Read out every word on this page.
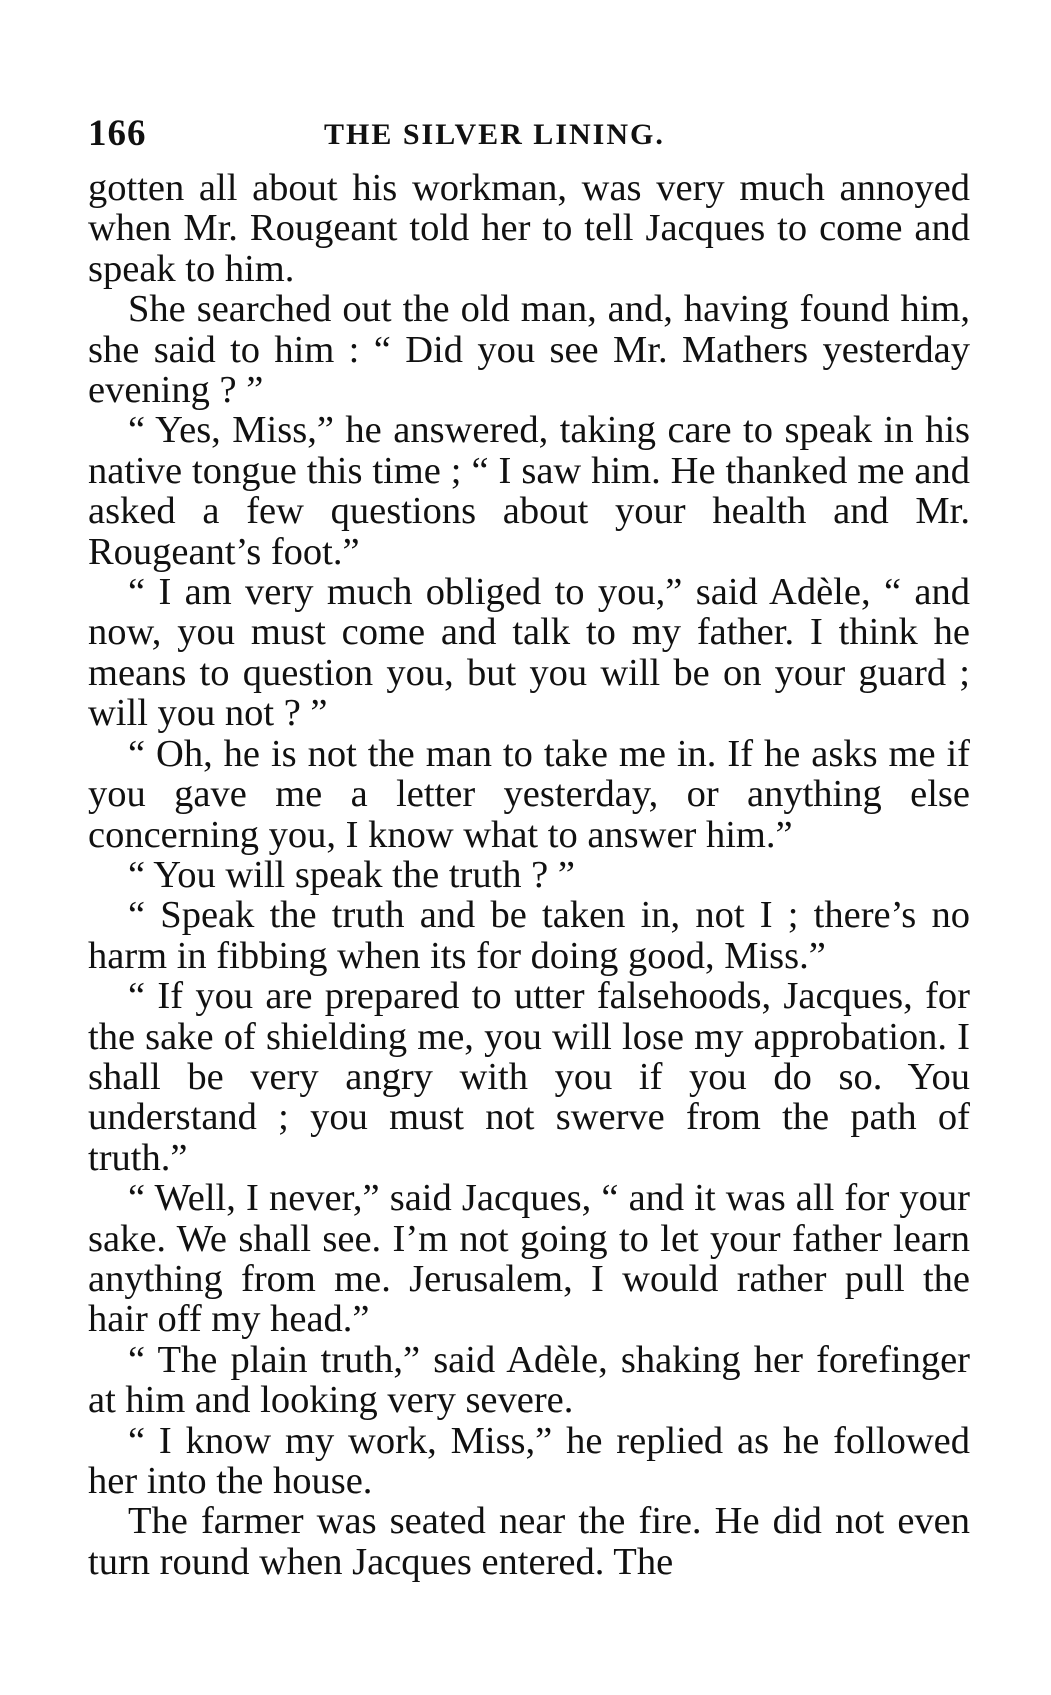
166	THE SILVER LINING.

gotten all about his workman, was very much annoyed when Mr. Rougeant told her to tell Jacques to come and speak to him.

She searched out the old man, and, having found him, she said to him : “ Did you see Mr. Mathers yesterday evening ? ”

“ Yes, Miss,” he answered, taking care to speak in his native tongue this time ; “ I saw him. He thanked me and asked a few questions about your health and Mr. Rougeant’s foot.”

“ I am very much obliged to you,” said Adèle, “ and now, you must come and talk to my father. I think he means to question you, but you will be on your guard ; will you not ? ”

“ Oh, he is not the man to take me in. If he asks me if you gave me a letter yesterday, or anything else concerning you, I know what to answer him.”

“ You will speak the truth ? ”

“ Speak the truth and be taken in, not I ; there’s no harm in fibbing when its for doing good, Miss.”

“ If you are prepared to utter falsehoods, Jacques, for the sake of shielding me, you will lose my approbation. I shall be very angry with you if you do so. You understand ; you must not swerve from the path of truth.”

“ Well, I never,” said Jacques, “ and it was all for your sake. We shall see. I’m not going to let your father learn anything from me. Jerusalem, I would rather pull the hair off my head.”

“ The plain truth,” said Adèle, shaking her forefinger at him and looking very severe.

“ I know my work, Miss,” he replied as he followed her into the house.

The farmer was seated near the fire. He did not even turn round when Jacques entered. The
